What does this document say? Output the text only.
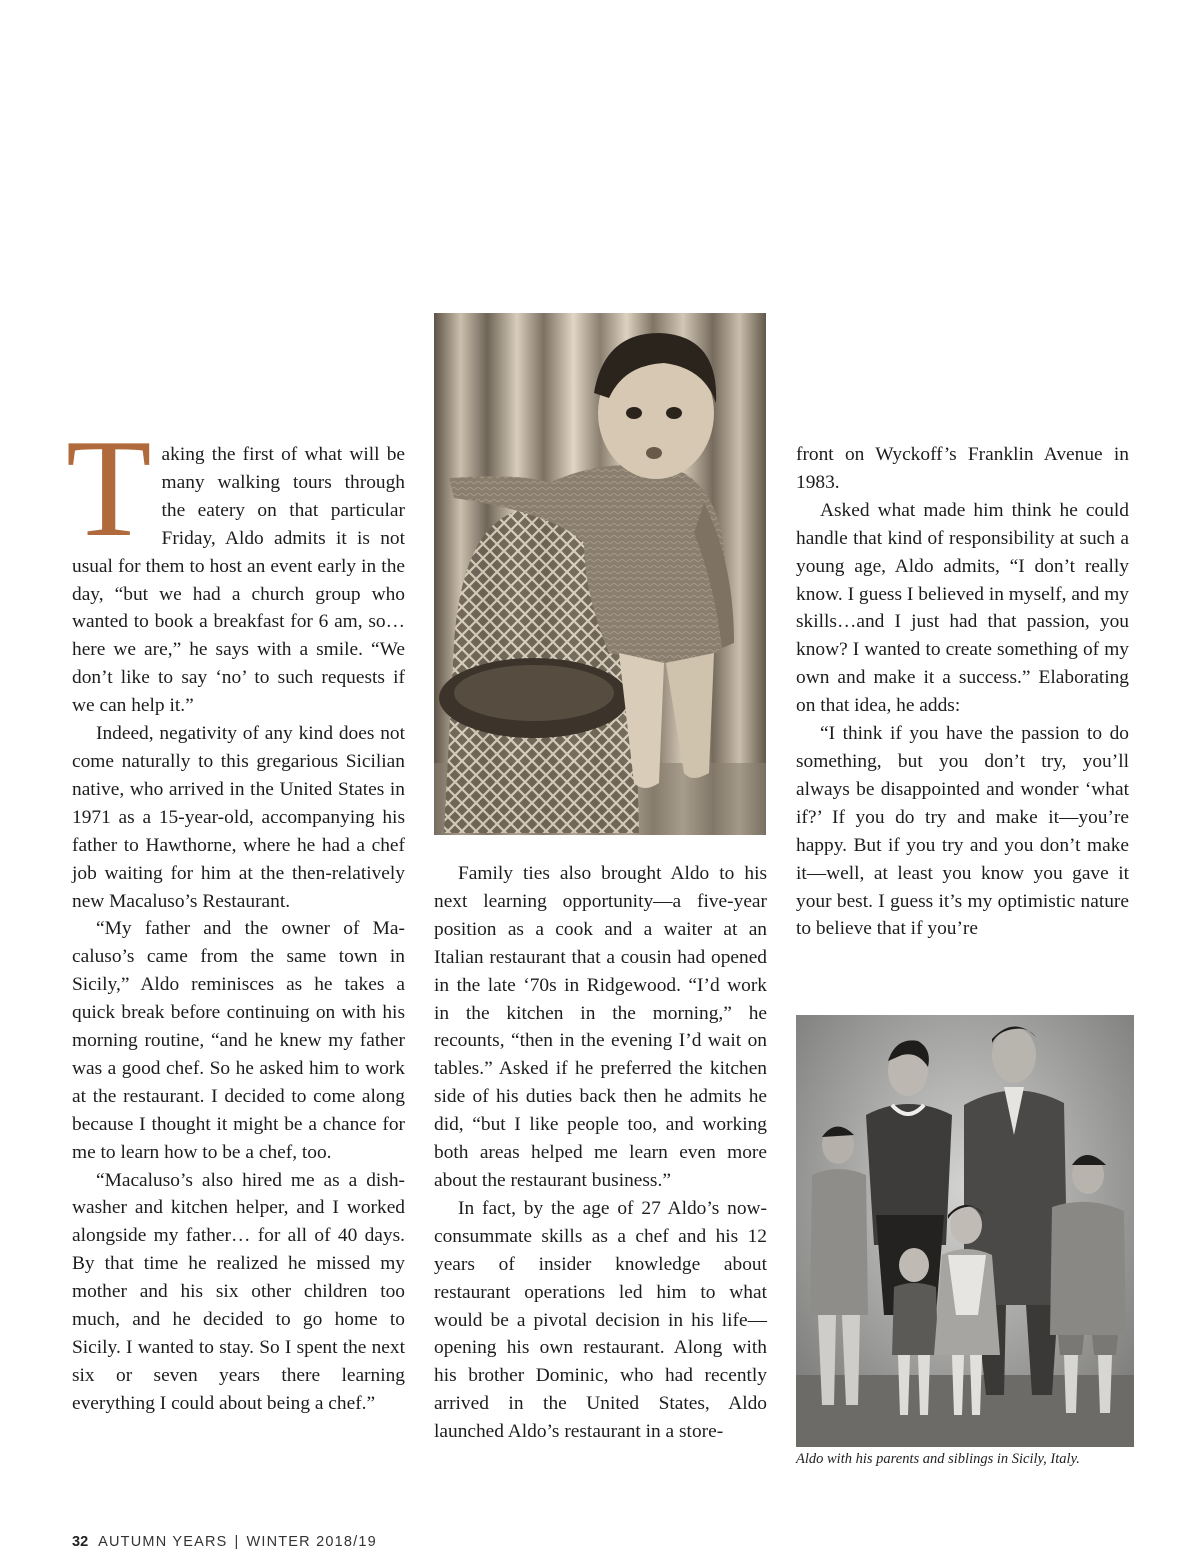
Taking the first of what will be many walking tours through the eatery on that particular Friday, Aldo admits it is not usual for them to host an event early in the day, “but we had a church group who wanted to book a breakfast for 6 am, so… here we are,” he says with a smile. “We don’t like to say ‘no’ to such requests if we can help it.”

Indeed, negativity of any kind does not come naturally to this gregarious Sicilian native, who arrived in the United States in 1971 as a 15-year-old, accompanying his father to Hawthorne, where he had a chef job waiting for him at the then-relatively new Macaluso’s Restaurant.

“My father and the owner of Macaluso’s came from the same town in Sicily,” Aldo reminisces as he takes a quick break before continuing on with his morning routine, “and he knew my father was a good chef. So he asked him to work at the restaurant. I decided to come along because I thought it might be a chance for me to learn how to be a chef, too.

“Macaluso’s also hired me as a dishwasher and kitchen helper, and I worked alongside my father… for all of 40 days. By that time he realized he missed my mother and his six other children too much, and he decided to go home to Sicily. I wanted to stay. So I spent the next six or seven years there learning everything I could about being a chef.”

Family ties also brought Aldo to his next learning opportunity—a five-year position as a cook and a waiter at an Italian restaurant that a cousin had opened in the late ‘70s in Ridgewood. “I’d work in the kitchen in the morning,” he recounts, “then in the evening I’d wait on tables.” Asked if he preferred the kitchen side of his duties back then he admits he did, “but I like people too, and working both areas helped me learn even more about the restaurant business.”

In fact, by the age of 27 Aldo’s now-consummate skills as a chef and his 12 years of insider knowledge about restaurant operations led him to what would be a pivotal decision in his life—opening his own restaurant. Along with his brother Dominic, who had recently arrived in the United States, Aldo launched Aldo’s restaurant in a store-

front on Wyckoff’s Franklin Avenue in 1983.

Asked what made him think he could handle that kind of responsibility at such a young age, Aldo admits, “I don’t really know. I guess I believed in myself, and my skills…and I just had that passion, you know? I wanted to create something of my own and make it a success.” Elaborating on that idea, he adds:

“I think if you have the passion to do something, but you don’t try, you’ll always be disappointed and wonder ‘what if?’ If you do try and make it—you’re happy. But if you try and you don’t make it—well, at least you know you gave it your best. I guess it’s my optimistic nature to believe that if you’re

Aldo with his parents and siblings in Sicily, Italy.
32 AUTUMN YEARS | WINTER 2018/19
